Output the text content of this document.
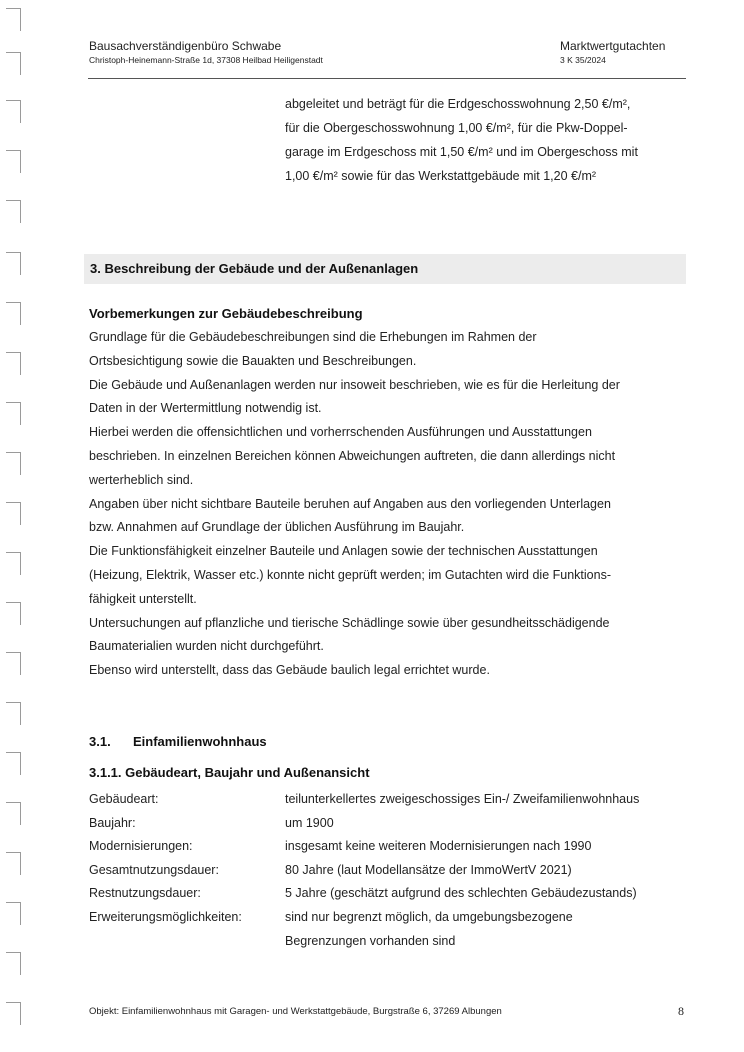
Bausachverständigenbüro Schwabe
Christoph-Heinemann-Straße 1d, 37308 Heilbad Heiligenstadt
Marktwertgutachten
3 K 35/2024
abgeleitet und beträgt für die Erdgeschosswohnung 2,50 €/m²,
für die Obergeschosswohnung 1,00 €/m², für die Pkw-Doppel-
garage im Erdgeschoss mit 1,50 €/m² und im Obergeschoss mit
1,00 €/m² sowie für das Werkstattgebäude mit 1,20 €/m²
3. Beschreibung der Gebäude und der Außenanlagen
Vorbemerkungen zur Gebäudebeschreibung
Grundlage für die Gebäudebeschreibungen sind die Erhebungen im Rahmen der
Ortsbesichtigung sowie die Bauakten und Beschreibungen.
Die Gebäude und Außenanlagen werden nur insoweit beschrieben, wie es für die Herleitung der
Daten in der Wertermittlung notwendig ist.
Hierbei werden die offensichtlichen und vorherrschenden Ausführungen und Ausstattungen
beschrieben. In einzelnen Bereichen können Abweichungen auftreten, die dann allerdings nicht
werterheblich sind.
Angaben über nicht sichtbare Bauteile beruhen auf Angaben aus den vorliegenden Unterlagen
bzw. Annahmen auf Grundlage der üblichen Ausführung im Baujahr.
Die Funktionsfähigkeit einzelner Bauteile und Anlagen sowie der technischen Ausstattungen
(Heizung, Elektrik, Wasser etc.) konnte nicht geprüft werden; im Gutachten wird die Funktions-
fähigkeit unterstellt.
Untersuchungen auf pflanzliche und tierische Schädlinge sowie über gesundheitsschädigende
Baumaterialien wurden nicht durchgeführt.
Ebenso wird unterstellt, dass das Gebäude baulich legal errichtet wurde.
3.1. Einfamilienwohnhaus
3.1.1. Gebäudeart, Baujahr und Außenansicht
Gebäudeart:	teilunterkellertes zweigeschossiges Ein-/ Zweifamilienwohnhaus
Baujahr:	um 1900
Modernisierungen:	insgesamt keine weiteren Modernisierungen nach 1990
Gesamtnutzungsdauer:	80 Jahre (laut Modellansätze der ImmoWertV 2021)
Restnutzungsdauer:	5 Jahre (geschätzt aufgrund des schlechten Gebäudezustands)
Erweiterungsmöglichkeiten:	sind nur begrenzt möglich, da umgebungsbezogene
Begrenzungen vorhanden sind
Objekt: Einfamilienwohnhaus mit Garagen- und Werkstattgebäude, Burgstraße 6, 37269 Albungen	8
